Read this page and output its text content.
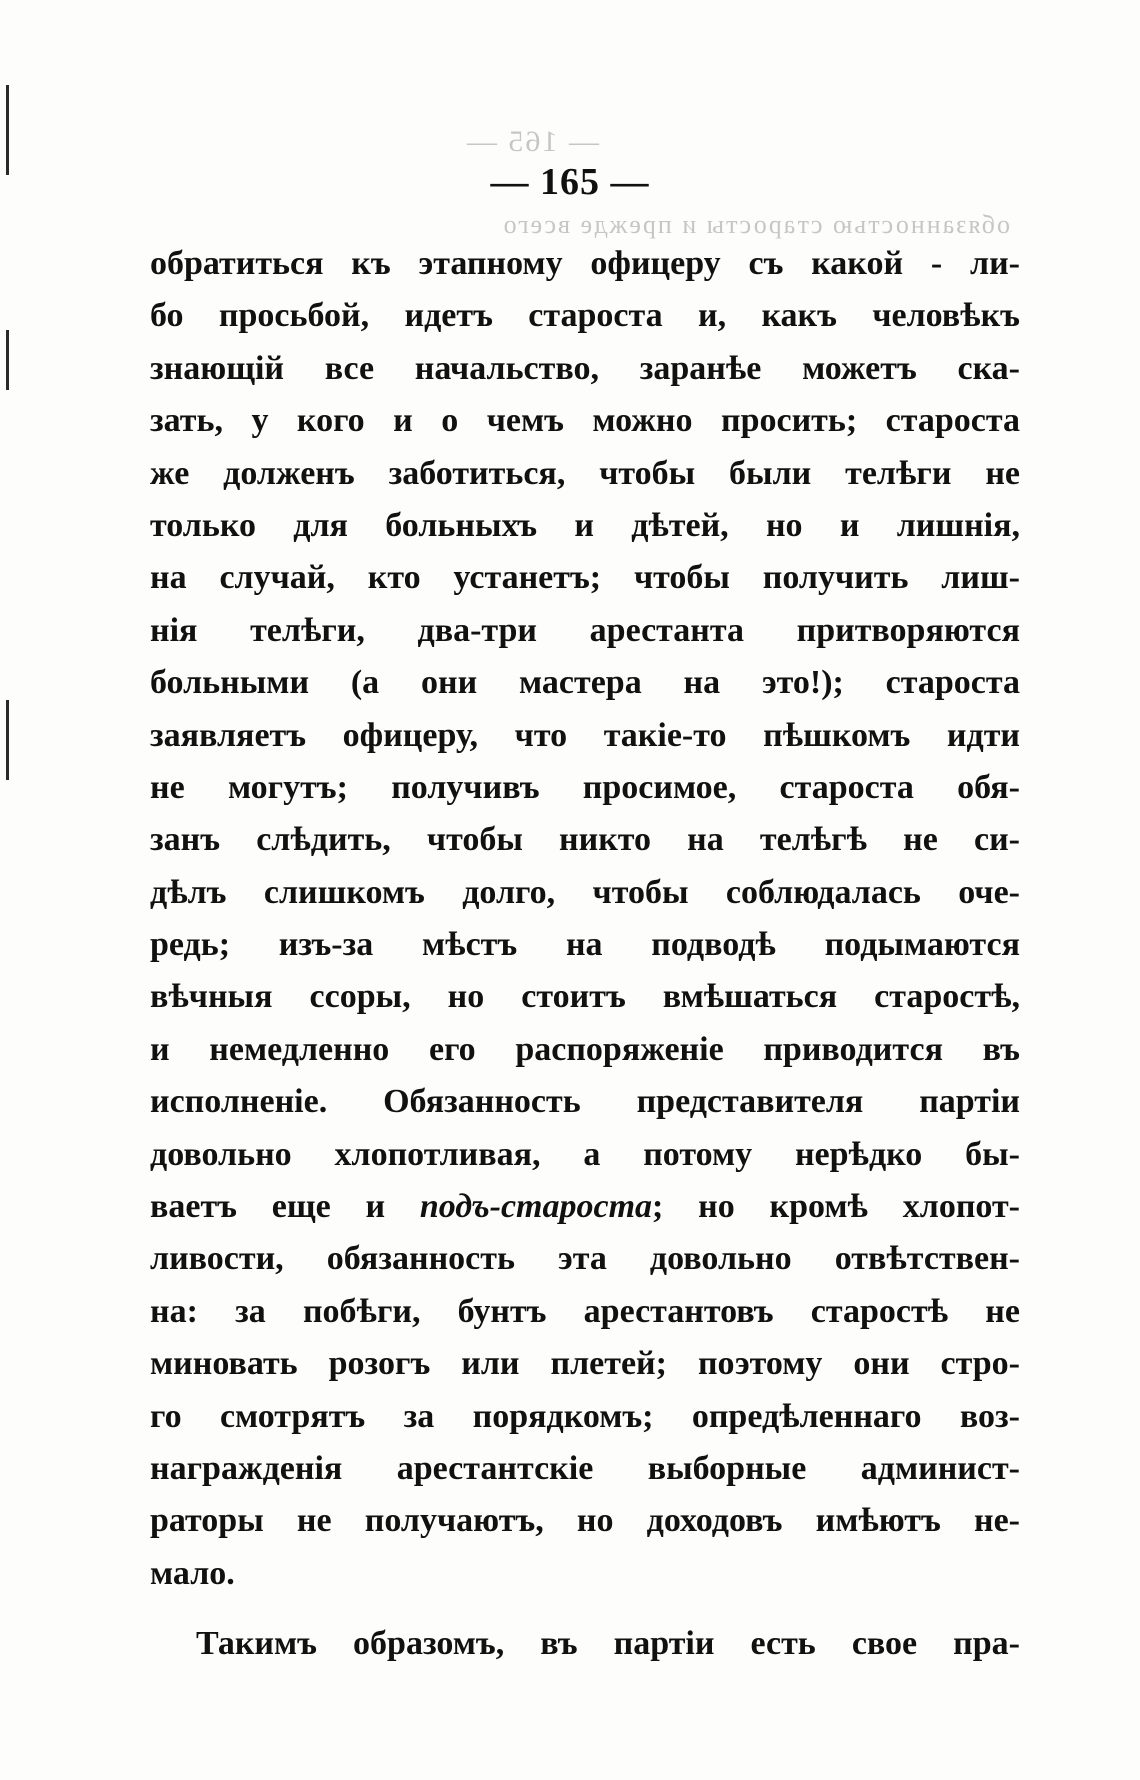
— 165 —
обязанностью старосты и прежде всего
— 165 —
обратиться къ этапному офицеру съ какой - ли-
бо просьбой, идетъ староста и, какъ человѣкъ
знающій все начальство, заранѣе можетъ ска-
зать, у кого и о чемъ можно просить; староста
же долженъ заботиться, чтобы были телѣги не
только для больныхъ и дѣтей, но и лишнія,
на случай, кто устанетъ; чтобы получить лиш-
нія телѣги, два-три арестанта притворяются
больными (а они мастера на это!); староста
заявляетъ офицеру, что такіе-то пѣшкомъ идти
не могутъ; получивъ просимое, староста обя-
занъ слѣдить, чтобы никто на телѣгѣ не си-
дѣлъ слишкомъ долго, чтобы соблюдалась оче-
редь; изъ-за мѣстъ на подводѣ подымаются
вѣчныя ссоры, но стоитъ вмѣшаться старостѣ,
и немедленно его распоряженіе приводится въ
исполненіе. Обязанность представителя партіи
довольно хлопотливая, а потому нерѣдко бы-
ваетъ еще и подъ-староста; но кромѣ хлопот-
ливости, обязанность эта довольно отвѣтствен-
на: за побѣги, бунтъ арестантовъ старостѣ не
миновать розогъ или плетей; поэтому они стро-
го смотрятъ за порядкомъ; опредѣленнаго воз-
награжденія арестантскіе выборные админист-
раторы не получаютъ, но доходовъ имѣютъ не-
мало.
Такимъ образомъ, въ партіи есть свое пра-
